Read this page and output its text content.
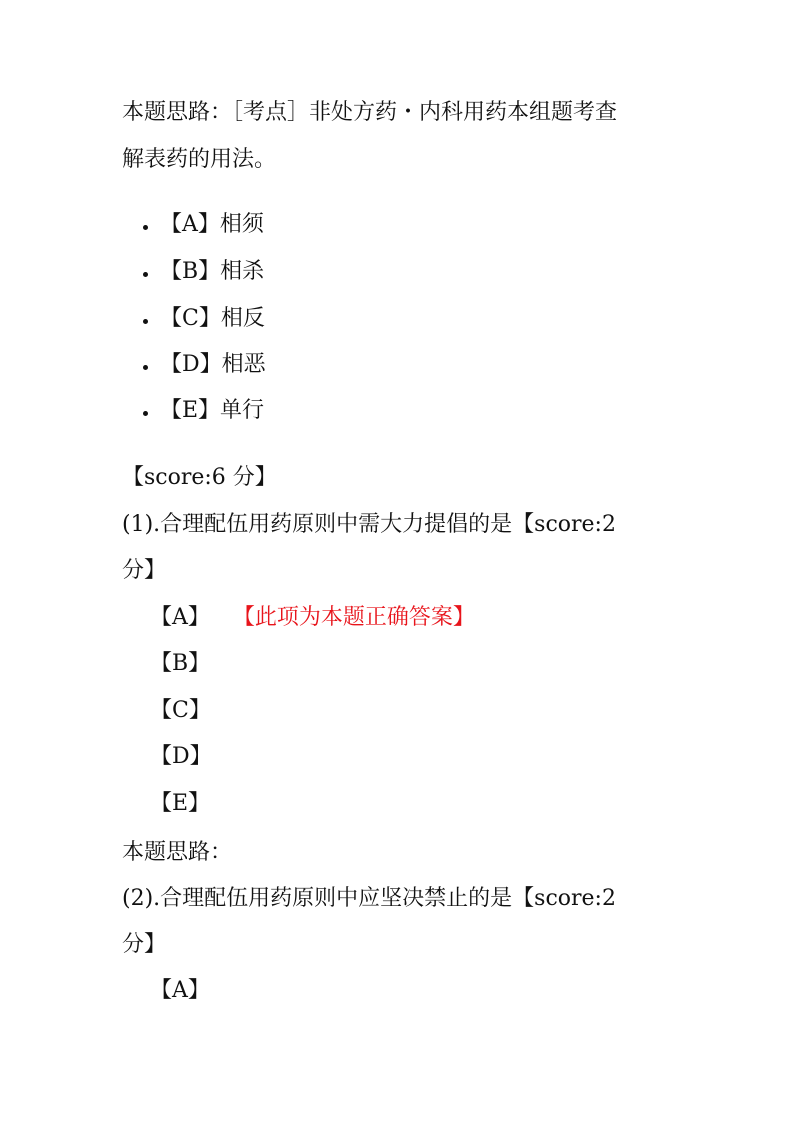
本题思路：［考点］非处方药・内科用药本组题考查
解表药的用法。
【A】相须
【B】相杀
【C】相反
【D】相恶
【E】单行
【score:6 分】
(1).合理配伍用药原则中需大力提倡的是【score:2
分】
【A】 【此项为本题正确答案】
【B】
【C】
【D】
【E】
本题思路：
(2).合理配伍用药原则中应坚决禁止的是【score:2
分】
【A】
